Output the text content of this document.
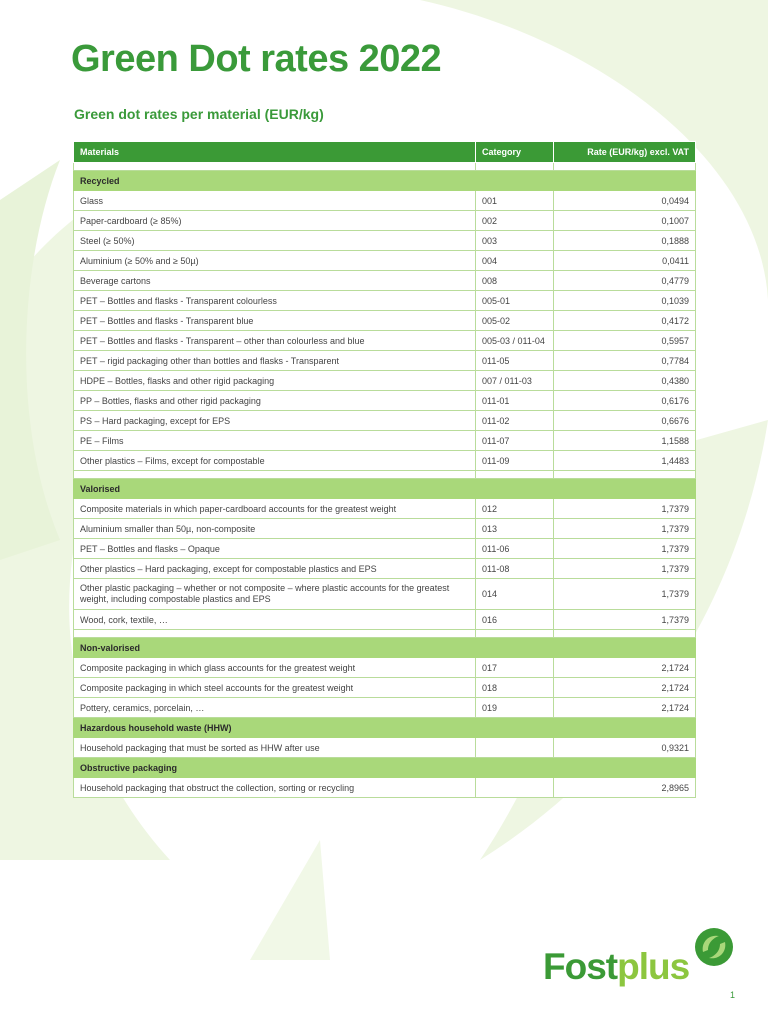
Green Dot rates 2022
Green dot rates per material (EUR/kg)
Materials	Category	Rate (EUR/kg) excl. VAT

Recycled		
Glass	001	0,0494
Paper-cardboard (≥ 85%)	002	0,1007
Steel (≥ 50%)	003	0,1888
Aluminium (≥ 50% and ≥ 50µ)	004	0,0411
Beverage cartons	008	0,4779
PET – Bottles and flasks - Transparent colourless	005-01	0,1039
PET – Bottles and flasks - Transparent blue	005-02	0,4172
PET – Bottles and flasks - Transparent – other than colourless and blue	005-03 / 011-04	0,5957
PET – rigid packaging other than bottles and flasks - Transparent	011-05	0,7784
HDPE – Bottles, flasks and other rigid packaging	007 / 011-03	0,4380
PP – Bottles, flasks and other rigid packaging	011-01	0,6176
PS – Hard packaging, except for EPS	011-02	0,6676
PE – Films	011-07	1,1588
Other plastics – Films, except for compostable	011-09	1,4483

Valorised		
Composite materials in which paper-cardboard accounts for the greatest weight	012	1,7379
Aluminium smaller than 50µ, non-composite	013	1,7379
PET – Bottles and flasks – Opaque	011-06	1,7379
Other plastics – Hard packaging, except for compostable plastics and EPS	011-08	1,7379
Other plastic packaging – whether or not composite – where plastic accounts for the greatest weight, including compostable plastics and EPS	014	1,7379
Wood, cork, textile, …	016	1,7379

Non-valorised		
Composite packaging in which glass accounts for the greatest weight	017	2,1724
Composite packaging in which steel accounts for the greatest weight	018	2,1724
Pottery, ceramics, porcelain, …	019	2,1724
Hazardous household waste (HHW)		
Household packaging that must be sorted as HHW after use		0,9321
Obstructive packaging		
Household packaging that obstruct the collection, sorting or recycling		2,8965
Fostplus
1
